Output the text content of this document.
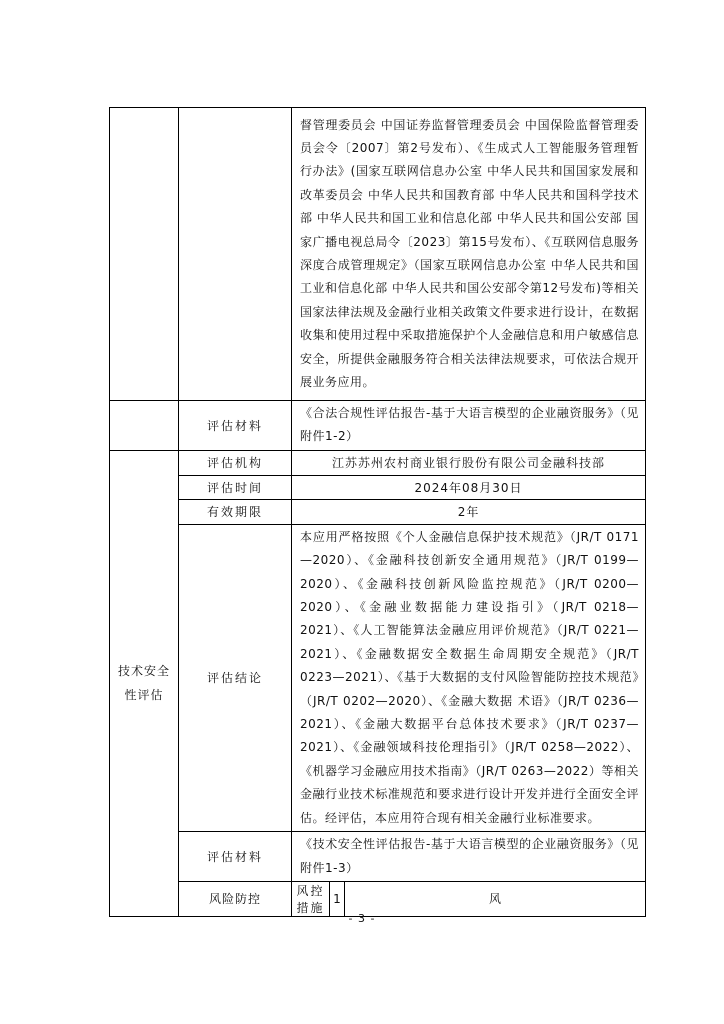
		督管理委员会 中国证券监督管理委员会 中国保险监督管理委员会令〔2007〕第2号发布）、《生成式人工智能服务管理暂行办法》(国家互联网信息办公室 中华人民共和国国家发展和改革委员会 中华人民共和国教育部 中华人民共和国科学技术部 中华人民共和国工业和信息化部 中华人民共和国公安部 国家广播电视总局令〔2023〕第15号发布）、《互联网信息服务深度合成管理规定》（国家互联网信息办公室 中华人民共和国工业和信息化部 中华人民共和国公安部令第12号发布)等相关国家法律法规及金融行业相关政策文件要求进行设计，在数据收集和使用过程中采取措施保护个人金融信息和用户敏感信息安全，所提供金融服务符合相关法律法规要求，可依法合规开展业务应用。			
	评估材料	《合法合规性评估报告-基于大语言模型的企业融资服务》（见附件1-2）			
技术安全性评估	评估机构	江苏苏州农村商业银行股份有限公司金融科技部			
	评估时间	2024年08月30日			
	有效期限	2年			
	评估结论	本应用严格按照《个人金融信息保护技术规范》（JR/T 0171—2020）、《金融科技创新安全通用规范》（JR/T 0199—2020）、《金融科技创新风险监控规范》（JR/T 0200—2020）、《金融业数据能力建设指引》（JR/T 0218—2021）、《人工智能算法金融应用评价规范》（JR/T 0221—2021）、《金融数据安全数据生命周期安全规范》（JR/T 0223—2021）、《基于大数据的支付风险智能防控技术规范》（JR/T 0202—2020）、《金融大数据 术语》（JR/T 0236—2021）、《金融大数据平台总体技术要求》（JR/T 0237—2021）、《金融领域科技伦理指引》（JR/T 0258—2022）、《机器学习金融应用技术指南》（JR/T 0263—2022）等相关金融行业技术标准规范和要求进行设计开发并进行全面安全评估。经评估，本应用符合现有相关金融行业标准要求。			
	评估材料	《技术安全性评估报告-基于大语言模型的企业融资服务》（见附件1-3）			
	风险防控	风控措施	1	风	
- 3 -
